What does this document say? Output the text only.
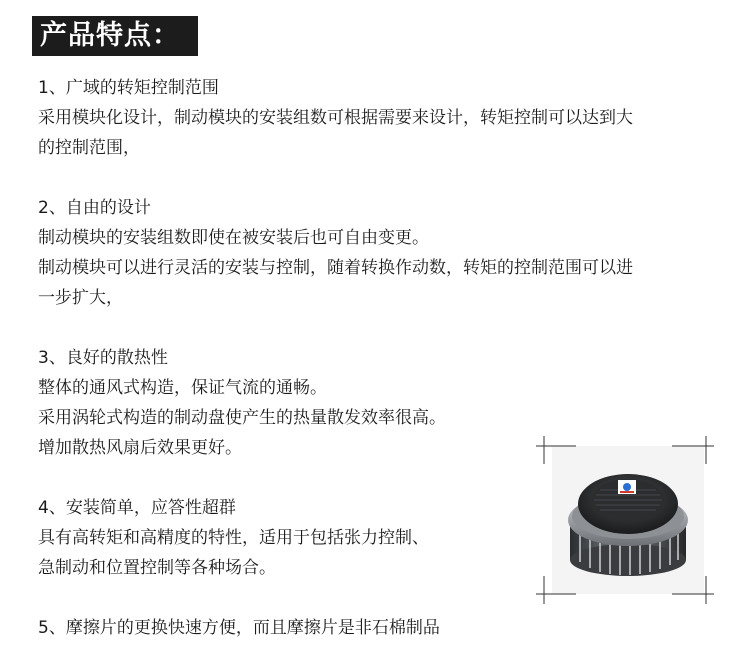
产品特点：
1、广域的转矩控制范围
采用模块化设计，制动模块的安装组数可根据需要来设计，转矩控制可以达到大
的控制范围，
2、自由的设计
制动模块的安装组数即使在被安装后也可自由变更。
制动模块可以进行灵活的安装与控制，随着转换作动数，转矩的控制范围可以进
一步扩大，
3、良好的散热性
整体的通风式构造，保证气流的通畅。
采用涡轮式构造的制动盘使产生的热量散发效率很高。
增加散热风扇后效果更好。
4、安装简单，应答性超群
具有高转矩和高精度的特性，适用于包括张力控制、
急制动和位置控制等各种场合。
5、摩擦片的更换快速方便，而且摩擦片是非石棉制品
